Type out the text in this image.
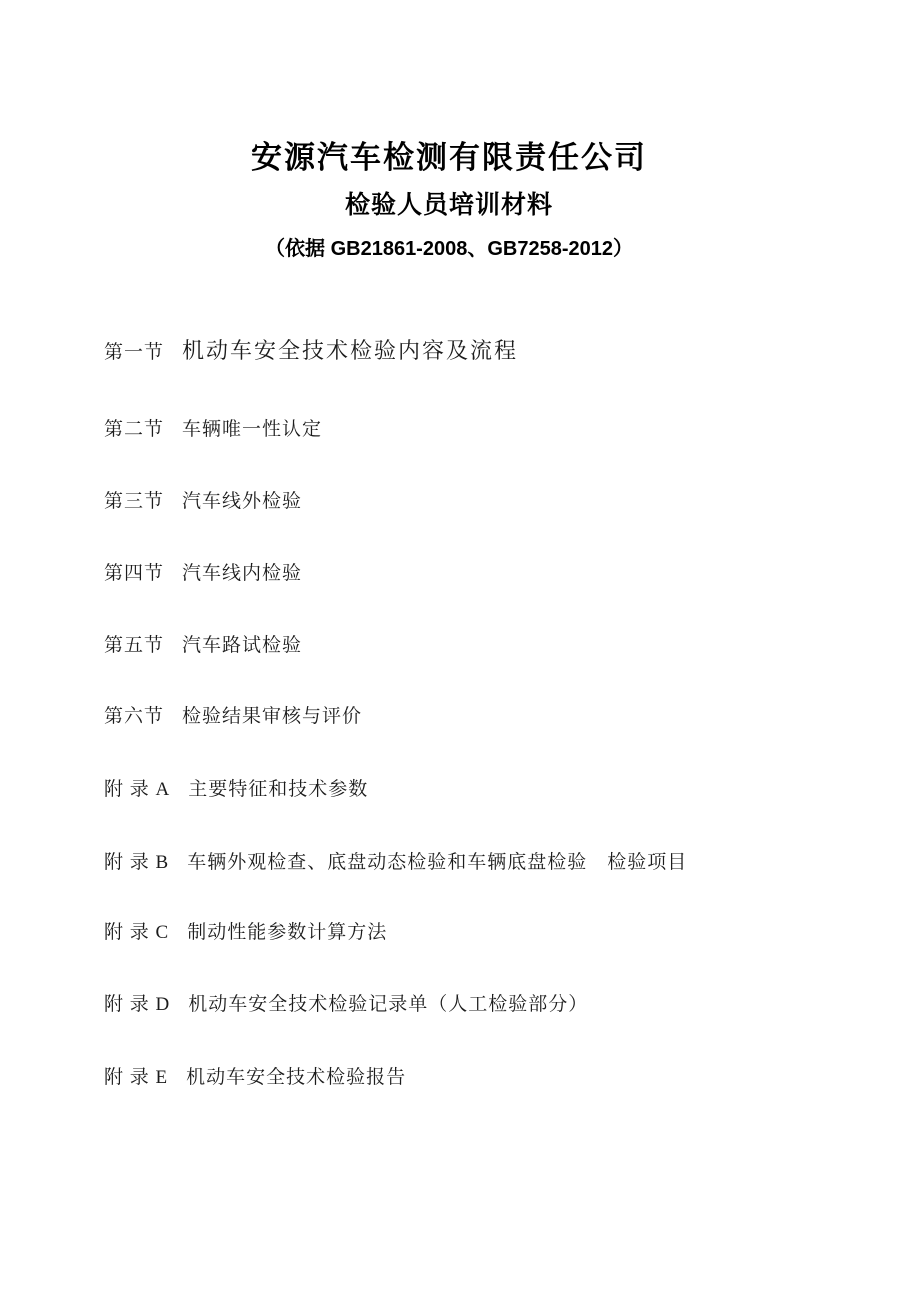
安源汽车检测有限责任公司
检验人员培训材料
（依据 GB21861-2008、GB7258-2012）
第一节 机动车安全技术检验内容及流程
第二节 车辆唯一性认定
第三节 汽车线外检验
第四节 汽车线内检验
第五节 汽车路试检验
第六节 检验结果审核与评价
附 录 A 主要特征和技术参数
附 录 B 车辆外观检查、底盘动态检验和车辆底盘检验　检验项目
附 录 C 制动性能参数计算方法
附 录 D 机动车安全技术检验记录单（人工检验部分）
附 录 E 机动车安全技术检验报告
